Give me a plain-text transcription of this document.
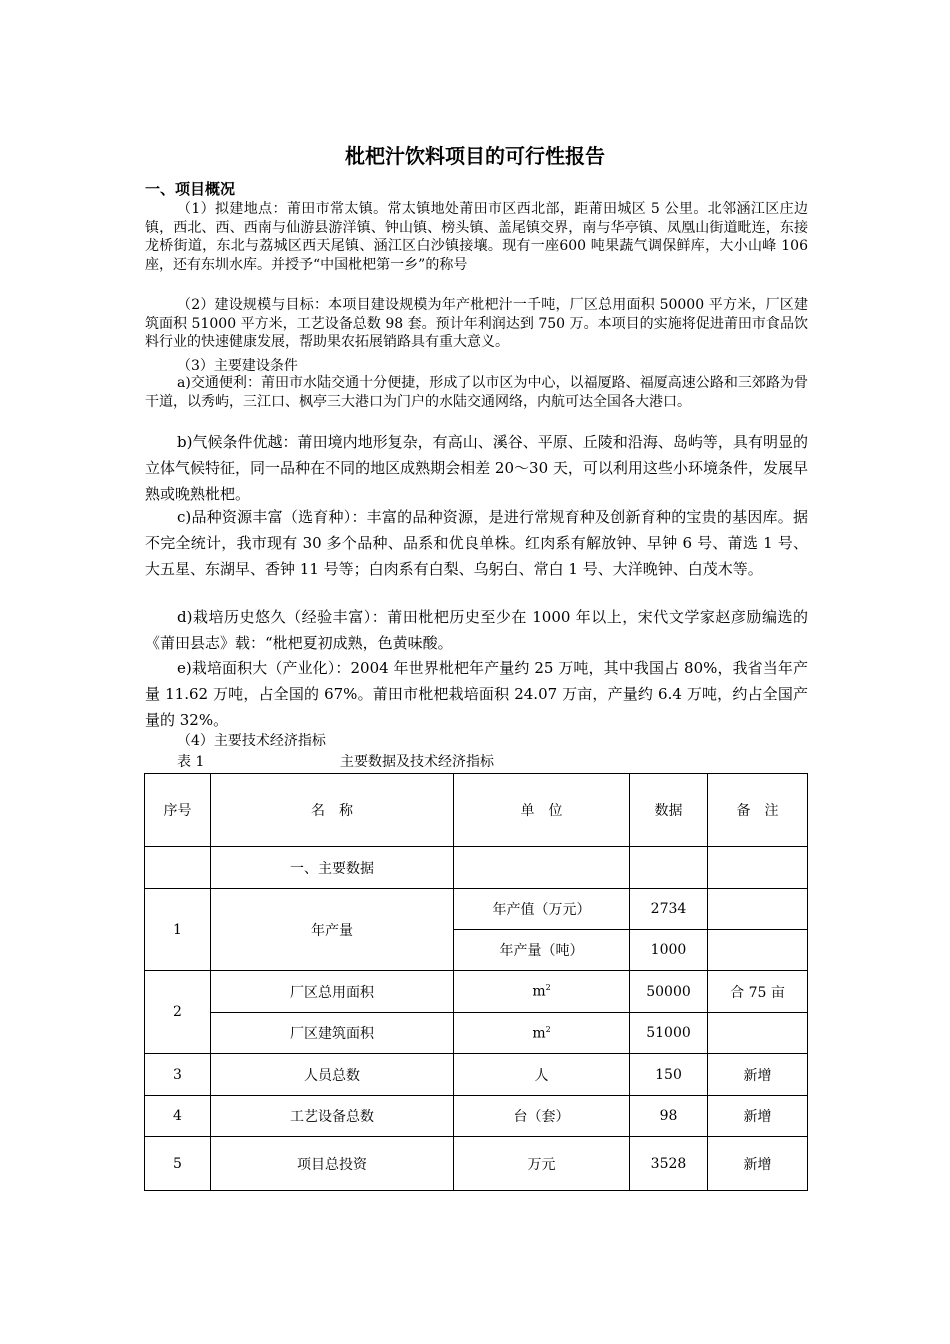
枇杷汁饮料项目的可行性报告
一、项目概况

（1）拟建地点：莆田市常太镇。常太镇地处莆田市区西北部，距莆田城区 5 公里。北邻涵江区庄边镇，西北、西、西南与仙游县游洋镇、钟山镇、榜头镇、盖尾镇交界，南与华亭镇、凤凰山街道毗连，东接龙桥街道，东北与荔城区西天尾镇、涵江区白沙镇接壤。现有一座600 吨果蔬气调保鲜库，大小山峰 106 座，还有东圳水库。并授予“中国枇杷第一乡”的称号

（2）建设规模与目标：本项目建设规模为年产枇杷汁一千吨，厂区总用面积 50000 平方米，厂区建筑面积 51000 平方米，工艺设备总数 98 套。预计年利润达到 750 万。本项目的实施将促进莆田市食品饮料行业的快速健康发展，帮助果农拓展销路具有重大意义。

（3）主要建设条件

a)交通便利：莆田市水陆交通十分便捷，形成了以市区为中心，以福厦路、福厦高速公路和三郊路为骨干道，以秀屿，三江口、枫亭三大港口为门户的水陆交通网络，内航可达全国各大港口。

b)气候条件优越：莆田境内地形复杂，有高山、溪谷、平原、丘陵和沿海、岛屿等，具有明显的立体气候特征，同一品种在不同的地区成熟期会相差 20～30 天，可以利用这些小环境条件，发展早熟或晚熟枇杷。

c)品种资源丰富（选育种）：丰富的品种资源，是进行常规育种及创新育种的宝贵的基因库。据不完全统计，我市现有 30 多个品种、品系和优良单株。红肉系有解放钟、早钟 6 号、莆选 1 号、大五星、东湖早、香钟 11 号等；白肉系有白梨、乌躬白、常白 1 号、大洋晚钟、白茂木等。

d)栽培历史悠久（经验丰富）：莆田枇杷历史至少在 1000 年以上，宋代文学家赵彦励编选的《莆田县志》载：“枇杷夏初成熟，色黄味酸。

e)栽培面积大（产业化）：2004 年世界枇杷年产量约 25 万吨，其中我国占 80%，我省当年产量 11.62 万吨，占全国的 67%。莆田市枇杷栽培面积 24.07 万亩，产量约 6.4 万吨，约占全国产量的 32%。

（4）主要技术经济指标
表 1	主要数据及技术经济指标
序号	名　称	单　位	数据	备　注
	一、主要数据			
1	年产量	年产值（万元）	2734	
		年产量（吨）	1000	
2	厂区总用面积	$m^2$	50000	合 75 亩
	厂区建筑面积	$m^2$	51000	
3	人员总数	人	150	新增
4	工艺设备总数	台（套）	98	新增
5	项目总投资	万元	3528	新增
